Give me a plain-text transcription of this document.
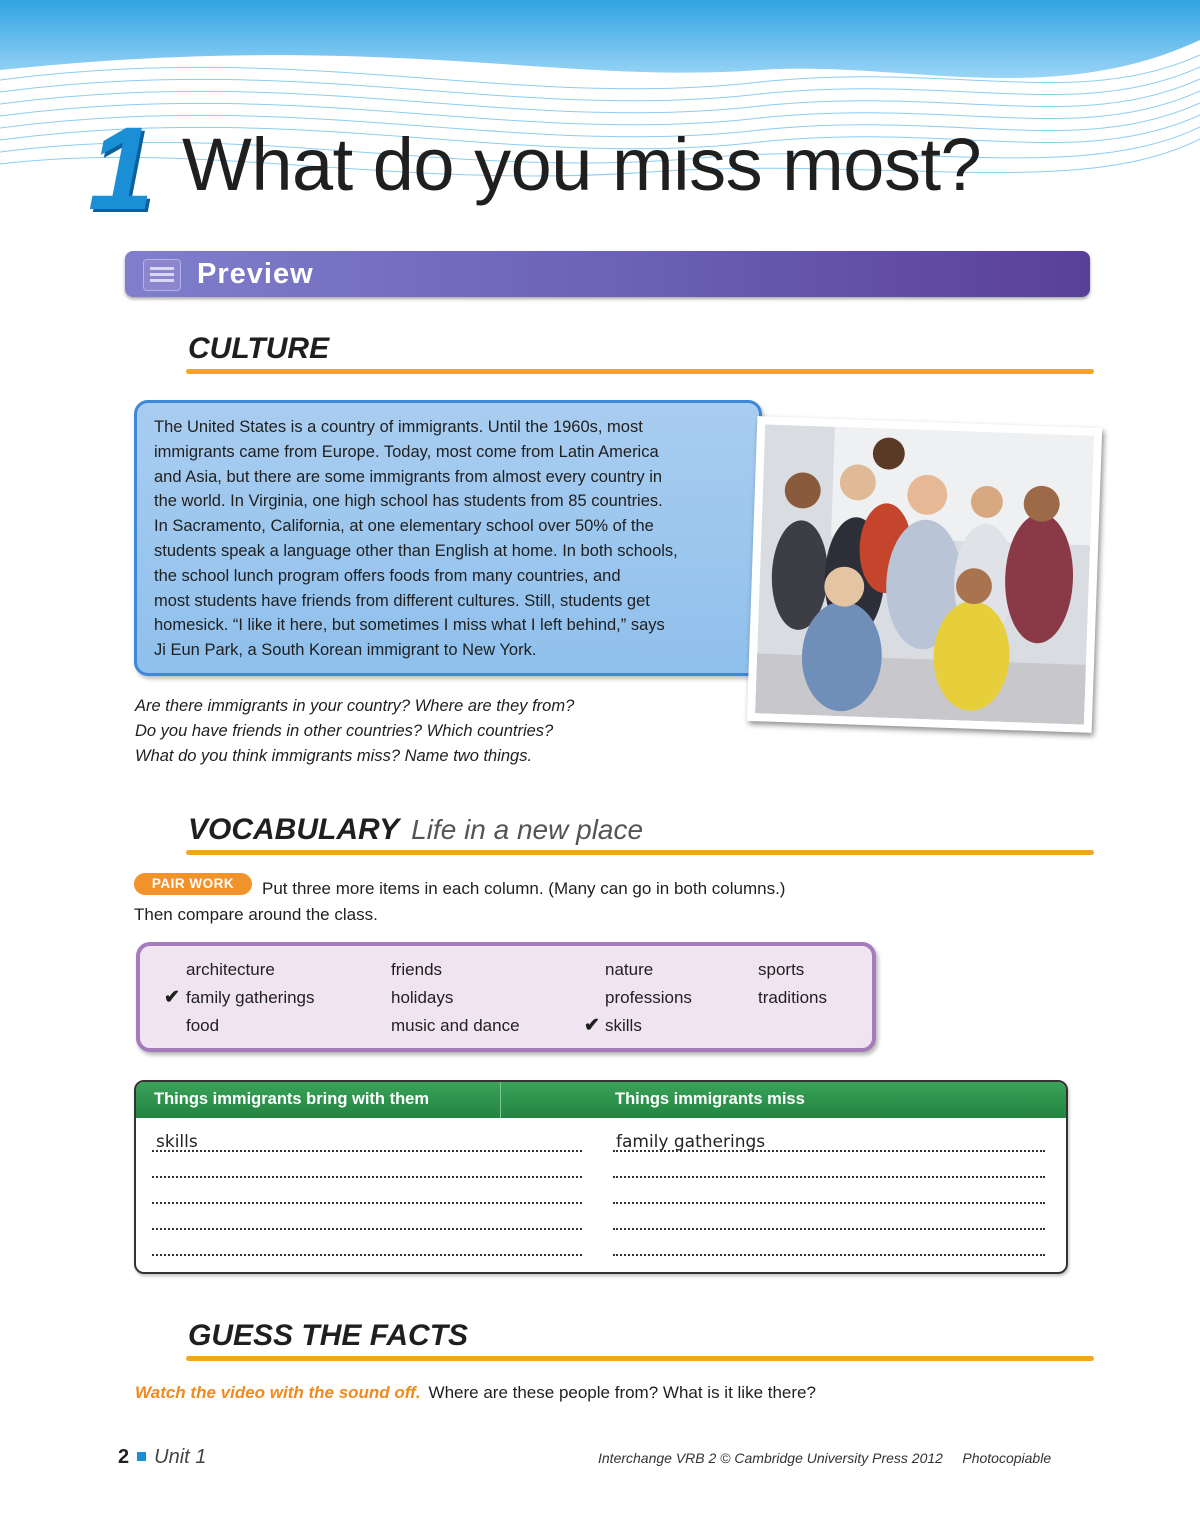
1 What do you miss most?
Preview
CULTURE
The United States is a country of immigrants. Until the 1960s, most
immigrants came from Europe. Today, most come from Latin America
and Asia, but there are some immigrants from almost every country in
the world. In Virginia, one high school has students from 85 countries.
In Sacramento, California, at one elementary school over 50% of the
students speak a language other than English at home. In both schools,
the school lunch program offers foods from many countries, and
most students have friends from different cultures. Still, students get
homesick. “I like it here, but sometimes I miss what I left behind,” says
Ji Eun Park, a South Korean immigrant to New York.
Are there immigrants in your country? Where are they from?
Do you have friends in other countries? Which countries?
What do you think immigrants miss? Name two things.
VOCABULARY Life in a new place
Put three more items in each column. (Many can go in both columns.) Then compare around the class.
PAIR WORK
architecture
✔ family gatherings
food
friends
holidays
music and dance
nature
professions
✔ skills
sports
traditions
Things immigrants bring with them	Things immigrants miss
skills	family gatherings
GUESS THE FACTS
Watch the video with the sound off. Where are these people from? What is it like there?
2 Unit 1	Interchange VRB 2 © Cambridge University Press 2012     Photocopiable
